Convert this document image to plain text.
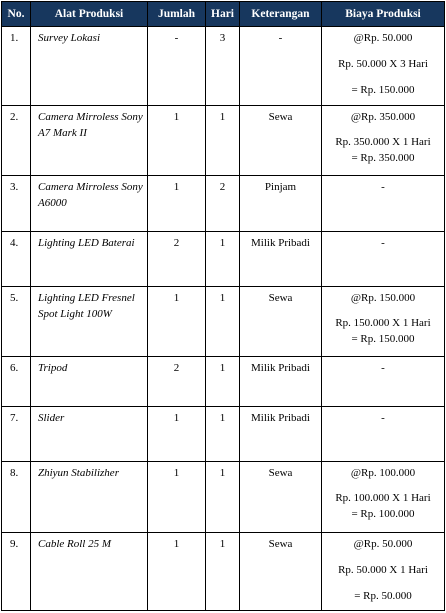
No.	Alat Produksi	Jumlah	Hari	Keterangan	Biaya Produksi
1.	Survey Lokasi	-	3	-	@Rp. 50.000
Rp. 50.000 X 3 Hari
= Rp. 150.000

2.	Camera Mirroless Sony A7 Mark II	1	1	Sewa	@Rp. 350.000
Rp. 350.000 X 1 Hari
= Rp. 350.000

3.	Camera Mirroless Sony A6000	1	2	Pinjam	-

4.	Lighting LED Baterai	2	1	Milik Pribadi	-

5.	Lighting LED Fresnel Spot Light 100W	1	1	Sewa	@Rp. 150.000
Rp. 150.000 X 1 Hari
= Rp. 150.000

6.	Tripod	2	1	Milik Pribadi	-

7.	Slider	1	1	Milik Pribadi	-

8.	Zhiyun Stabilizher	1	1	Sewa	@Rp. 100.000
Rp. 100.000 X 1 Hari
= Rp. 100.000

9.	Cable Roll 25 M	1	1	Sewa	@Rp. 50.000
Rp. 50.000 X 1 Hari
= Rp. 50.000
